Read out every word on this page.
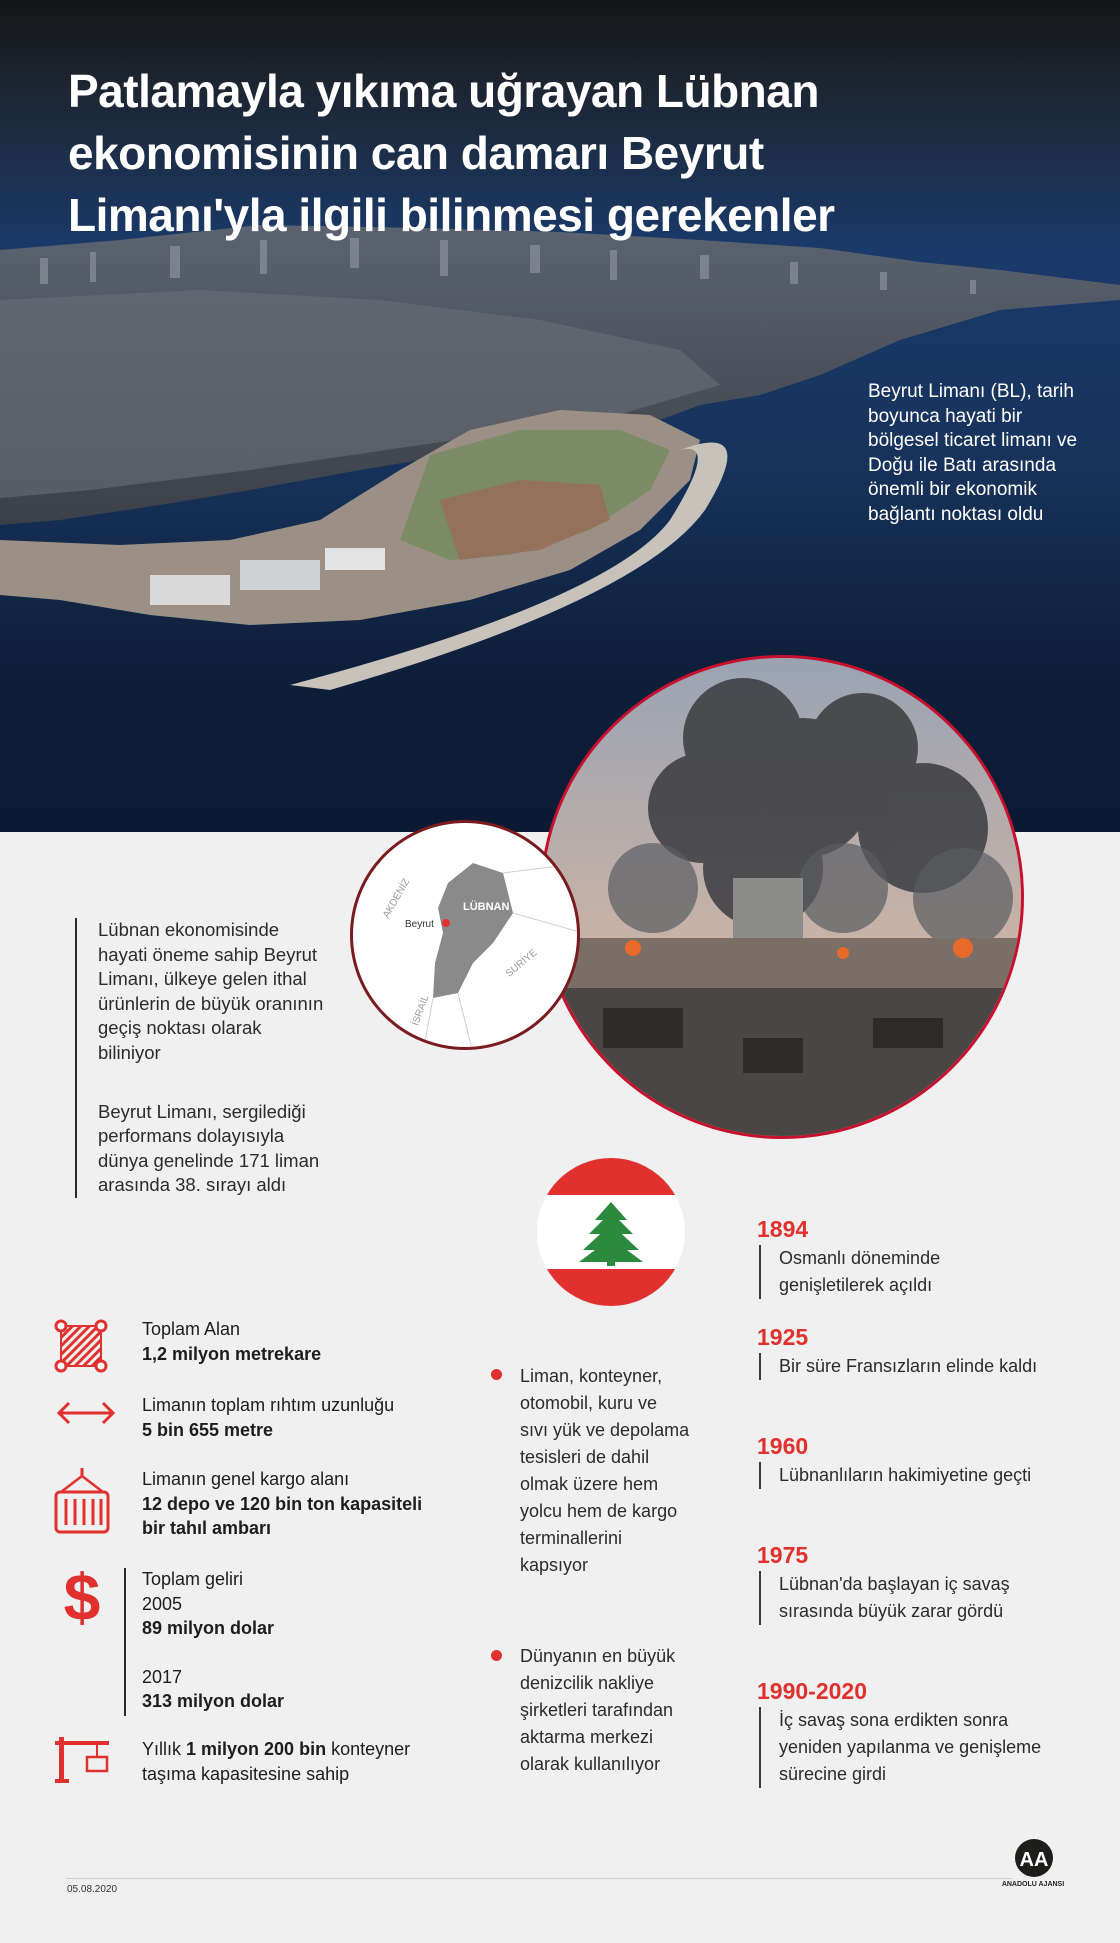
Patlamayla yıkıma uğrayan Lübnan
ekonomisinin can damarı Beyrut
Limanı'yla ilgili bilinmesi gerekenler
Beyrut Limanı (BL), tarih boyunca hayati bir bölgesel ticaret limanı ve Doğu ile Batı arasında önemli bir ekonomik bağlantı noktası oldu
LÜBNAN
Beyrut
AKDENİZ
SURİYE
İSRAİL

Lübnan ekonomisinde hayati öneme sahip Beyrut Limanı, ülkeye gelen ithal ürünlerin de büyük oranının geçiş noktası olarak biliniyor

Beyrut Limanı, sergilediği performans dolayısıyla dünya genelinde 171 liman arasında 38. sırayı aldı

Toplam Alan
1,2 milyon metrekare
Limanın toplam rıhtım uzunluğu
5 bin 655 metre
Limanın genel kargo alanı
12 depo ve 120 bin ton kapasiteli
bir tahıl ambarı
$ Toplam geliri
2005
89 milyon dolar
2017
313 milyon dolar
Yıllık 1 milyon 200 bin konteyner
taşıma kapasitesine sahip
Liman, konteyner, otomobil, kuru ve sıvı yük ve depolama tesisleri de dahil olmak üzere hem yolcu hem de kargo terminallerini kapsıyor
Dünyanın en büyük denizcilik nakliye şirketleri tarafından aktarma merkezi olarak kullanılıyor
1894
Osmanlı döneminde genişletilerek açıldı
1925
Bir süre Fransızların elinde kaldı
1960
Lübnanlıların hakimiyetine geçti
1975
Lübnan'da başlayan iç savaş sırasında büyük zarar gördü
1990-2020
İç savaş sona erdikten sonra yeniden yapılanma ve genişleme sürecine girdi
05.08.2020
AA
ANADOLU AJANSI
